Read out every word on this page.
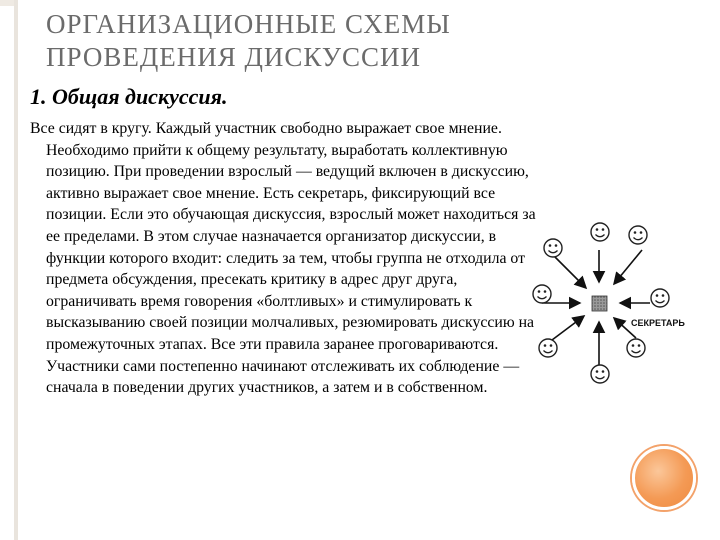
ОРГАНИЗАЦИОННЫЕ СХЕМЫ ПРОВЕДЕНИЯ ДИСКУССИИ
1. Общая дискуссия.

Все сидят в кругу. Каждый участник свободно выражает свое мнение. Необходимо прийти к общему результату, выработать коллективную позицию. При проведении взрослый — ведущий включен в дискуссию, активно выражает свое мнение. Есть секретарь, фиксирующий все позиции. Если это обучающая дискуссия, взрослый может находиться за ее пределами. В этом случае назначается организатор дискуссии, в функции которого входит: следить за тем, чтобы группа не отходила от предмета обсуждения, пресекать критику в адрес друг друга, ограничивать время говорения «болтливых» и стимулировать к высказыванию своей позиции молчаливых, резюмировать дискуссию на промежуточных этапах. Все эти правила заранее проговариваются. Участники сами постепенно начинают отслеживать их соблюдение — сначала в поведении других участников, а затем и в собственном.

СЕКРЕТАРЬ
